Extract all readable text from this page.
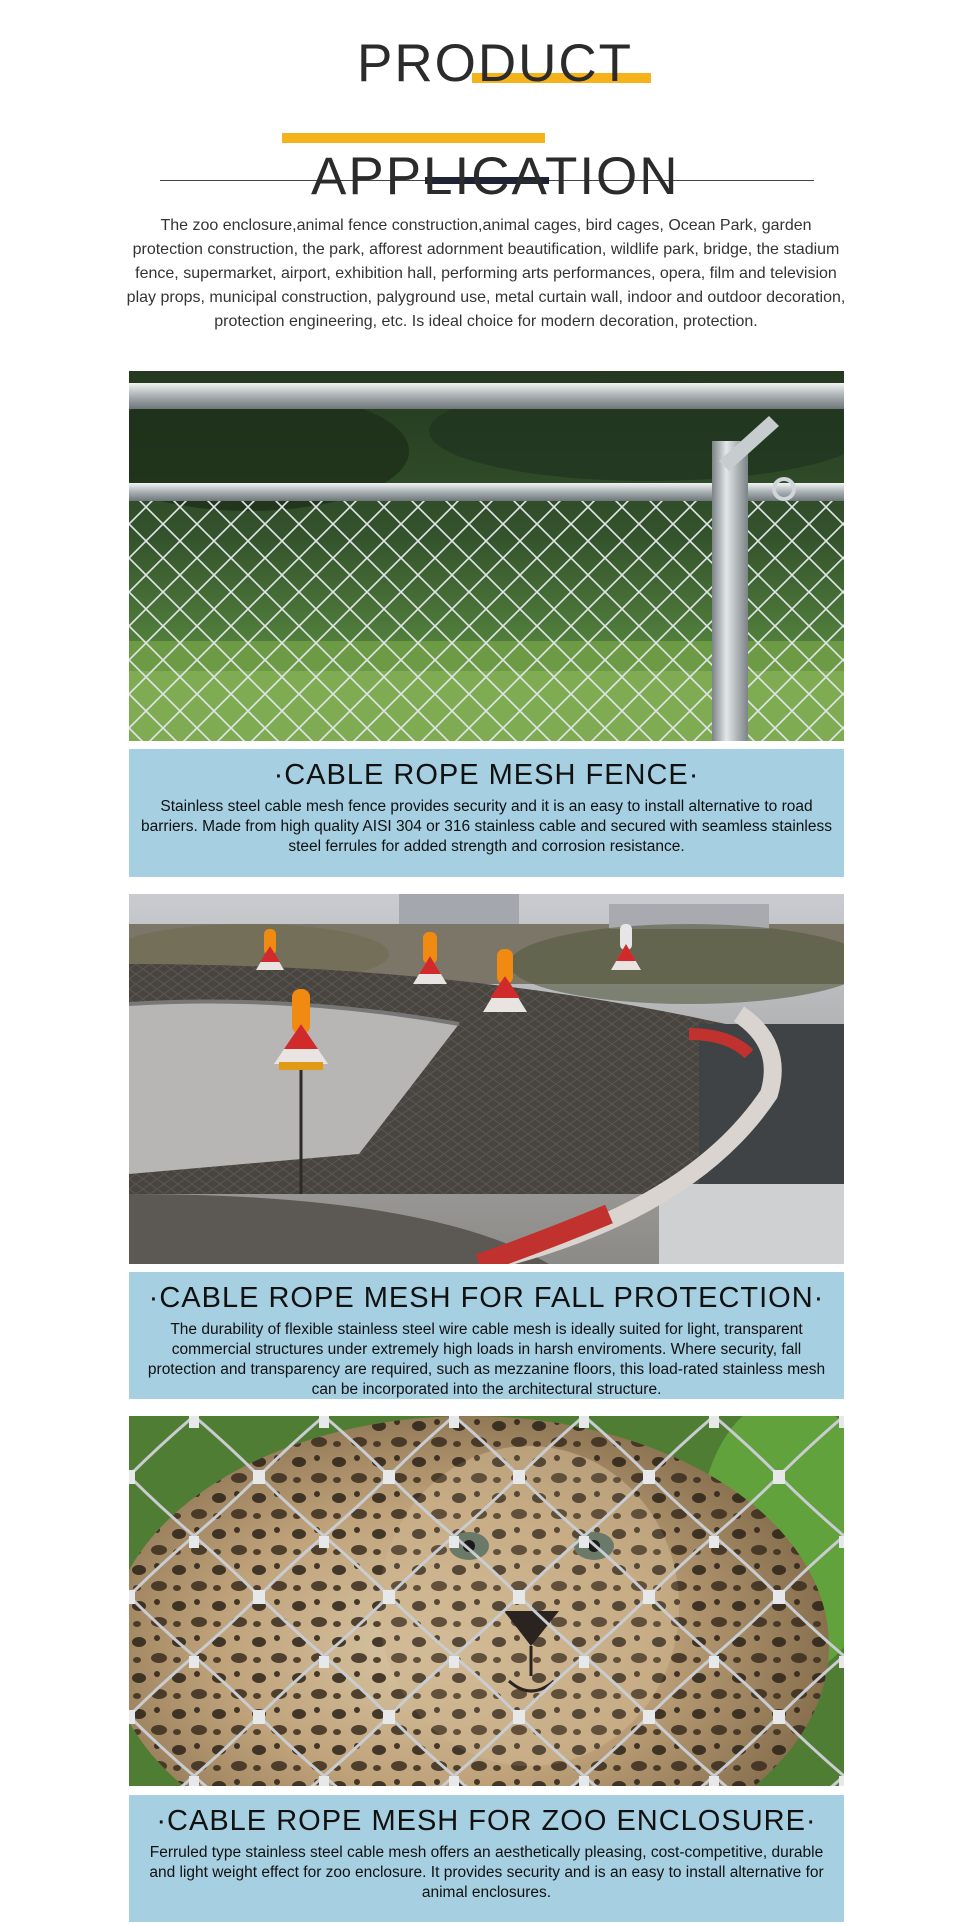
PRODUCT
APPLICATION

The zoo enclosure,animal fence construction,animal cages, bird cages, Ocean Park, garden protection construction, the park, afforest adornment beautification, wildlife park, bridge, the stadium fence, supermarket, airport, exhibition hall, performing arts performances, opera, film and television play props, municipal construction, palyground use, metal curtain wall, indoor and outdoor decoration, protection engineering, etc. Is ideal choice for modern decoration, protection.

·CABLE ROPE MESH FENCE·

Stainless steel cable mesh fence provides security and it is an easy to install alternative to road barriers. Made from high quality AISI 304 or 316 stainless cable and secured with seamless stainless steel ferrules for added strength and corrosion resistance.

·CABLE ROPE MESH FOR FALL PROTECTION·

The durability of flexible stainless steel wire cable mesh is ideally suited for light, transparent commercial structures under extremely high loads in harsh enviroments. Where security, fall protection and transparency are required, such as mezzanine floors, this load-rated stainless mesh can be incorporated into the architectural structure.

·CABLE ROPE MESH FOR ZOO ENCLOSURE·

Ferruled type stainless steel cable mesh offers an aesthetically pleasing, cost-competitive, durable and light weight effect for zoo enclosure. It provides security and is an easy to install alternative for animal enclosures.
